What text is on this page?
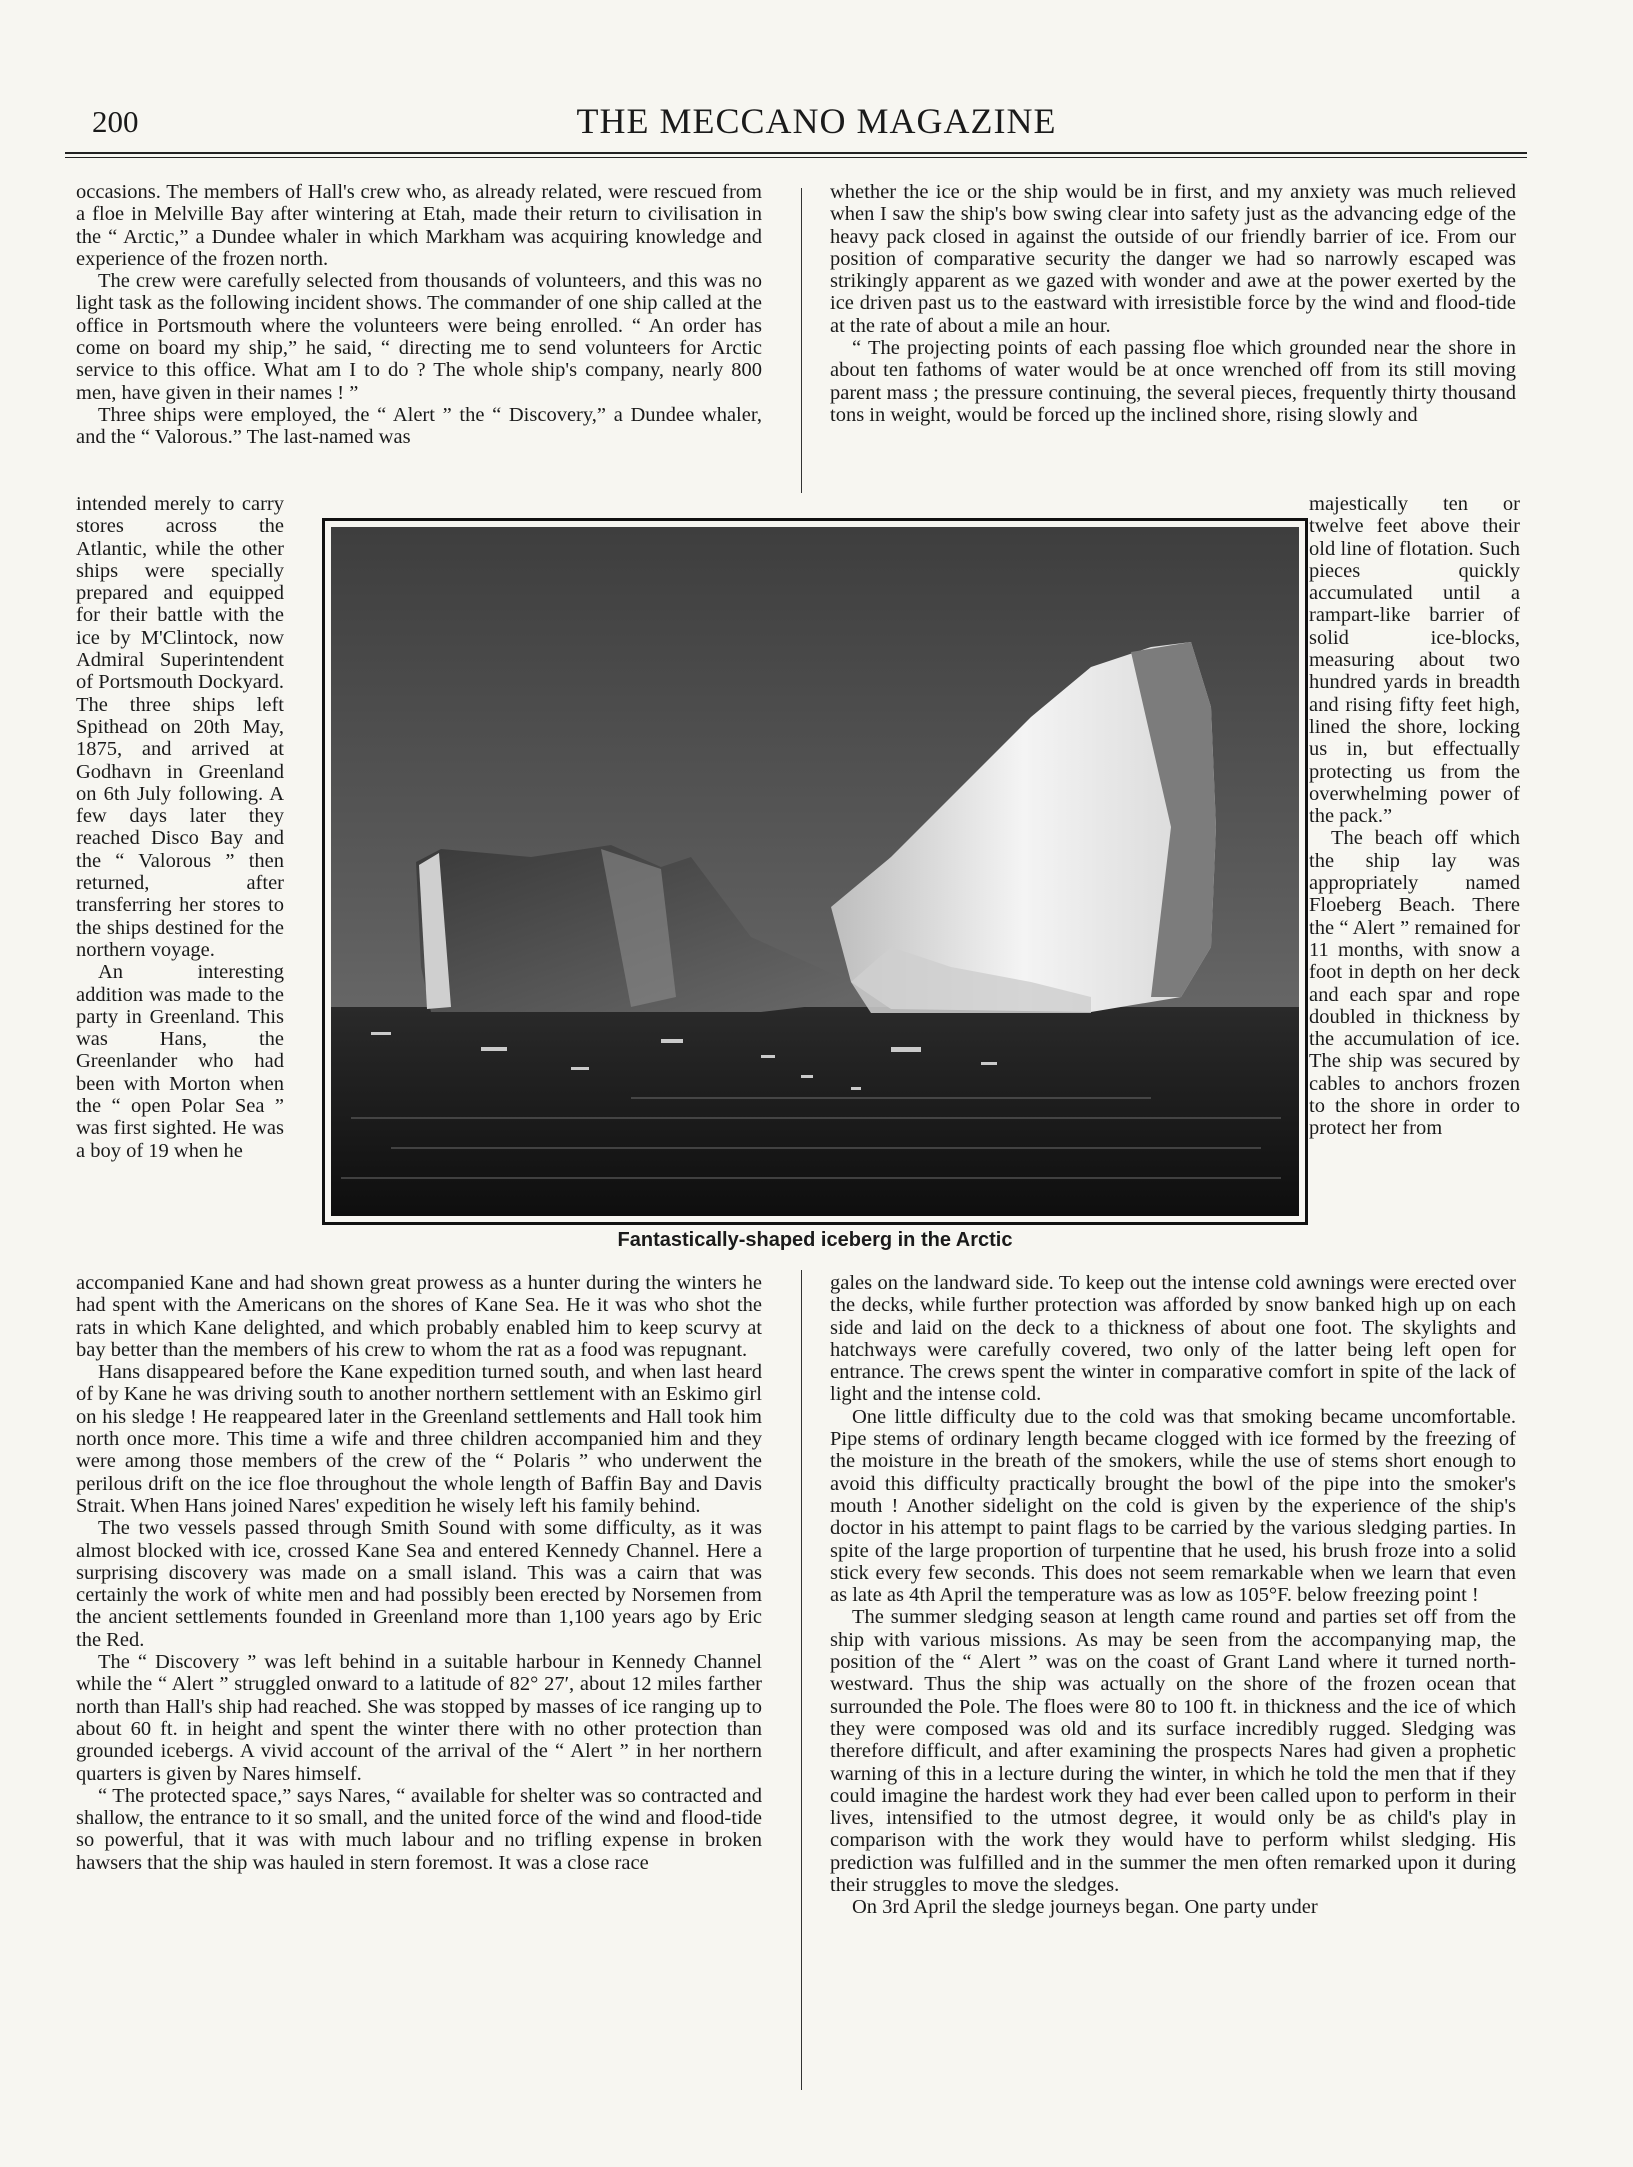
200	THE MECCANO MAGAZINE

occasions. The members of Hall's crew who, as already related, were rescued from a floe in Melville Bay after wintering at Etah, made their return to civilisation in the “ Arctic,” a Dundee whaler in which Markham was acquiring knowledge and experience of the frozen north.

The crew were carefully selected from thousands of volunteers, and this was no light task as the following incident shows. The commander of one ship called at the office in Portsmouth where the volunteers were being enrolled. “ An order has come on board my ship,” he said, “ directing me to send volunteers for Arctic service to this office. What am I to do ? The whole ship's company, nearly 800 men, have given in their names ! ”

Three ships were employed, the “ Alert ” the “ Discovery,” a Dundee whaler, and the “ Valorous.” The last-named was

intended merely to carry stores across the Atlantic, while the other ships were specially prepared and equipped for their battle with the ice by M'Clintock, now Admiral Superintendent of Portsmouth Dockyard. The three ships left Spithead on 20th May, 1875, and arrived at Godhavn in Greenland on 6th July following. A few days later they reached Disco Bay and the “ Valorous ” then returned, after transferring her stores to the ships destined for the northern voyage.

An interesting addition was made to the party in Greenland. This was Hans, the Greenlander who had been with Morton when the “ open Polar Sea ” was first sighted. He was a boy of 19 when he

accompanied Kane and had shown great prowess as a hunter during the winters he had spent with the Americans on the shores of Kane Sea. He it was who shot the rats in which Kane delighted, and which probably enabled him to keep scurvy at bay better than the members of his crew to whom the rat as a food was repugnant.

Hans disappeared before the Kane expedition turned south, and when last heard of by Kane he was driving south to another northern settlement with an Eskimo girl on his sledge ! He reappeared later in the Greenland settlements and Hall took him north once more. This time a wife and three children accompanied him and they were among those members of the crew of the “ Polaris ” who underwent the perilous drift on the ice floe throughout the whole length of Baffin Bay and Davis Strait. When Hans joined Nares' expedition he wisely left his family behind.

The two vessels passed through Smith Sound with some difficulty, as it was almost blocked with ice, crossed Kane Sea and entered Kennedy Channel. Here a surprising discovery was made on a small island. This was a cairn that was certainly the work of white men and had possibly been erected by Norsemen from the ancient settlements founded in Greenland more than 1,100 years ago by Eric the Red.

The “ Discovery ” was left behind in a suitable harbour in Kennedy Channel while the “ Alert ” struggled onward to a latitude of 82° 27′, about 12 miles farther north than Hall's ship had reached. She was stopped by masses of ice ranging up to about 60 ft. in height and spent the winter there with no other protection than grounded icebergs. A vivid account of the arrival of the “ Alert ” in her northern quarters is given by Nares himself.

“ The protected space,” says Nares, “ available for shelter was so contracted and shallow, the entrance to it so small, and the united force of the wind and flood-tide so powerful, that it was with much labour and no trifling expense in broken hawsers that the ship was hauled in stern foremost. It was a close race

whether the ice or the ship would be in first, and my anxiety was much relieved when I saw the ship's bow swing clear into safety just as the advancing edge of the heavy pack closed in against the outside of our friendly barrier of ice. From our position of comparative security the danger we had so narrowly escaped was strikingly apparent as we gazed with wonder and awe at the power exerted by the ice driven past us to the eastward with irresistible force by the wind and flood-tide at the rate of about a mile an hour.

“ The projecting points of each passing floe which grounded near the shore in about ten fathoms of water would be at once wrenched off from its still moving parent mass ; the pressure continuing, the several pieces, frequently thirty thousand tons in weight, would be forced up the inclined shore, rising slowly and

majestically ten or twelve feet above their old line of flotation. Such pieces quickly accumulated until a rampart-like barrier of solid ice-blocks, measuring about two hundred yards in breadth and rising fifty feet high, lined the shore, locking us in, but effectually protecting us from the overwhelming power of the pack.”

The beach off which the ship lay was appropriately named Floeberg Beach. There the “ Alert ” remained for 11 months, with snow a foot in depth on her deck and each spar and rope doubled in thickness by the accumulation of ice. The ship was secured by cables to anchors frozen to the shore in order to protect her from

gales on the landward side. To keep out the intense cold awnings were erected over the decks, while further protection was afforded by snow banked high up on each side and laid on the deck to a thickness of about one foot. The skylights and hatchways were carefully covered, two only of the latter being left open for entrance. The crews spent the winter in comparative comfort in spite of the lack of light and the intense cold.

One little difficulty due to the cold was that smoking became uncomfortable. Pipe stems of ordinary length became clogged with ice formed by the freezing of the moisture in the breath of the smokers, while the use of stems short enough to avoid this difficulty practically brought the bowl of the pipe into the smoker's mouth ! Another sidelight on the cold is given by the experience of the ship's doctor in his attempt to paint flags to be carried by the various sledging parties. In spite of the large proportion of turpentine that he used, his brush froze into a solid stick every few seconds. This does not seem remarkable when we learn that even as late as 4th April the temperature was as low as 105°F. below freezing point !

The summer sledging season at length came round and parties set off from the ship with various missions. As may be seen from the accompanying map, the position of the “ Alert ” was on the coast of Grant Land where it turned north-westward. Thus the ship was actually on the shore of the frozen ocean that surrounded the Pole. The floes were 80 to 100 ft. in thickness and the ice of which they were composed was old and its surface incredibly rugged. Sledging was therefore difficult, and after examining the prospects Nares had given a prophetic warning of this in a lecture during the winter, in which he told the men that if they could imagine the hardest work they had ever been called upon to perform in their lives, intensified to the utmost degree, it would only be as child's play in comparison with the work they would have to perform whilst sledging. His prediction was fulfilled and in the summer the men often remarked upon it during their struggles to move the sledges.

On 3rd April the sledge journeys began. One party under

Fantastically-shaped iceberg in the Arctic
